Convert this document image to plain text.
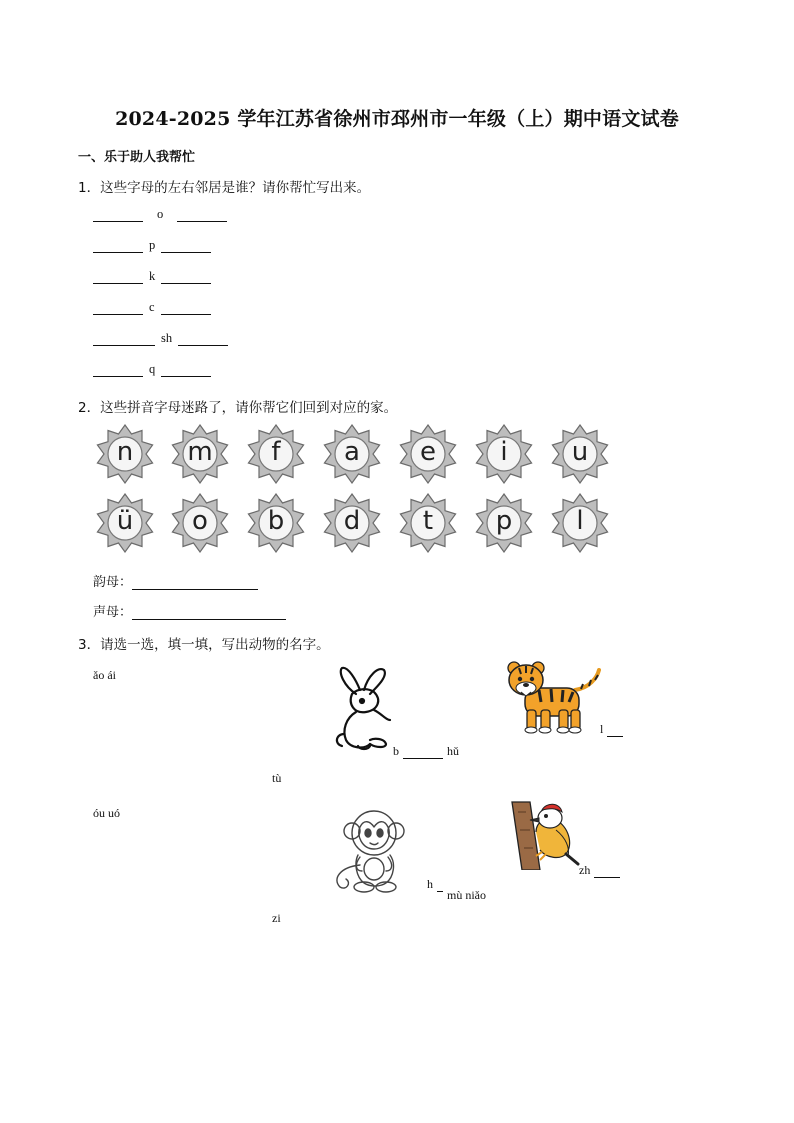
2024-2025 学年江苏省徐州市邳州市一年级（上）期中语文试卷
一、乐于助人我帮忙
1．这些字母的左右邻居是谁？请你帮忙写出来。
o
p
k
c
sh
q
2．这些拼音字母迷路了，请你帮它们回到对应的家。
n	m	f	a	e	i	u
ü	o	b	d	t	p	l
韵母：
声母：
3．请选一选，填一填，写出动物的名字。
ǎo ái
b	hǔ
l
tù
óu uó
h
mù niǎo
zh
zi
